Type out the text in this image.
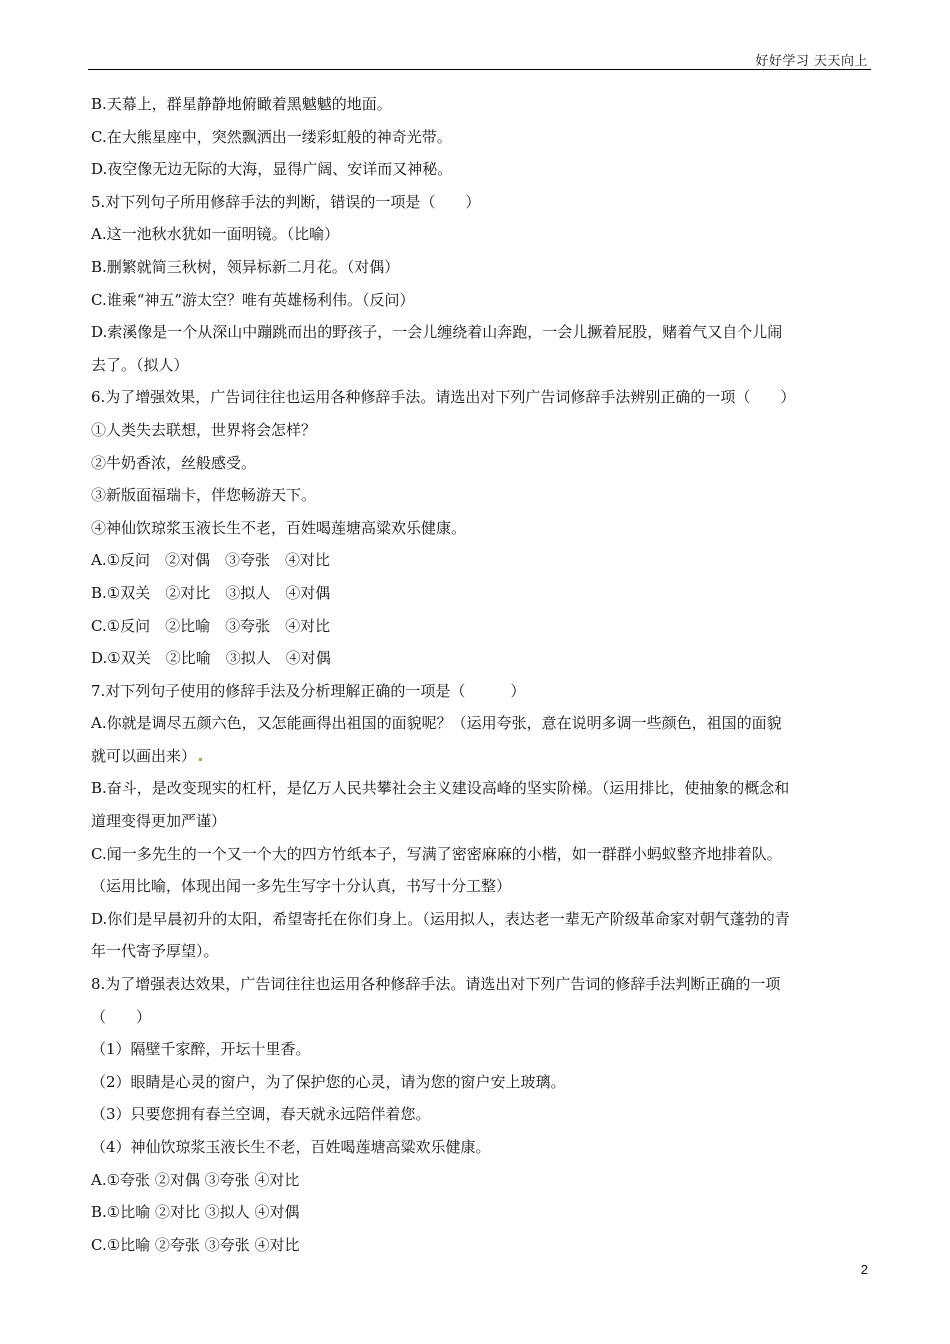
好好学习 天天向上
B.天幕上，群星静静地俯瞰着黑魆魆的地面。
C.在大熊星座中，突然飘洒出一缕彩虹般的神奇光带。
D.夜空像无边无际的大海，显得广阔、安详而又神秘。
5.对下列句子所用修辞手法的判断，错误的一项是（　　）
A.这一池秋水犹如一面明镜。（比喻）
B.删繁就简三秋树，领异标新二月花。（对偶）
C.谁乘“神五”游太空？唯有英雄杨利伟。（反问）
D.索溪像是一个从深山中蹦跳而出的野孩子，一会儿缠绕着山奔跑，一会儿撅着屁股，赌着气又自个儿闹
去了。（拟人）
6.为了增强效果，广告词往往也运用各种修辞手法。请选出对下列广告词修辞手法辨别正确的一项（　　）
①人类失去联想，世界将会怎样？
②牛奶香浓，丝般感受。
③新版面福瑞卡，伴您畅游天下。
④神仙饮琼浆玉液长生不老，百姓喝莲塘高粱欢乐健康。
A.①反问　②对偶　③夸张　④对比
B.①双关　②对比　③拟人　④对偶
C.①反问　②比喻　③夸张　④对比
D.①双关　②比喻　③拟人　④对偶
7.对下列句子使用的修辞手法及分析理解正确的一项是（　　　）
A.你就是调尽五颜六色，又怎能画得出祖国的面貌呢？（运用夸张，意在说明多调一些颜色，祖国的面貌
就可以画出来）
B.奋斗，是改变现实的杠杆，是亿万人民共攀社会主义建设高峰的坚实阶梯。（运用排比，使抽象的概念和
道理变得更加严谨）
C.闻一多先生的一个又一个大的四方竹纸本子，写满了密密麻麻的小楷，如一群群小蚂蚁整齐地排着队。
（运用比喻，体现出闻一多先生写字十分认真，书写十分工整）
D.你们是早晨初升的太阳，希望寄托在你们身上。（运用拟人，表达老一辈无产阶级革命家对朝气蓬勃的青
年一代寄予厚望）。
8.为了增强表达效果，广告词往往也运用各种修辞手法。请选出对下列广告词的修辞手法判断正确的一项
（　　）
（1）隔壁千家醉，开坛十里香。
（2）眼睛是心灵的窗户，为了保护您的心灵，请为您的窗户安上玻璃。
（3）只要您拥有春兰空调，春天就永远陪伴着您。
（4）神仙饮琼浆玉液长生不老，百姓喝莲塘高粱欢乐健康。
A.①夸张 ②对偶 ③夸张 ④对比
B.①比喻 ②对比 ③拟人 ④对偶
C.①比喻 ②夸张 ③夸张 ④对比
2
